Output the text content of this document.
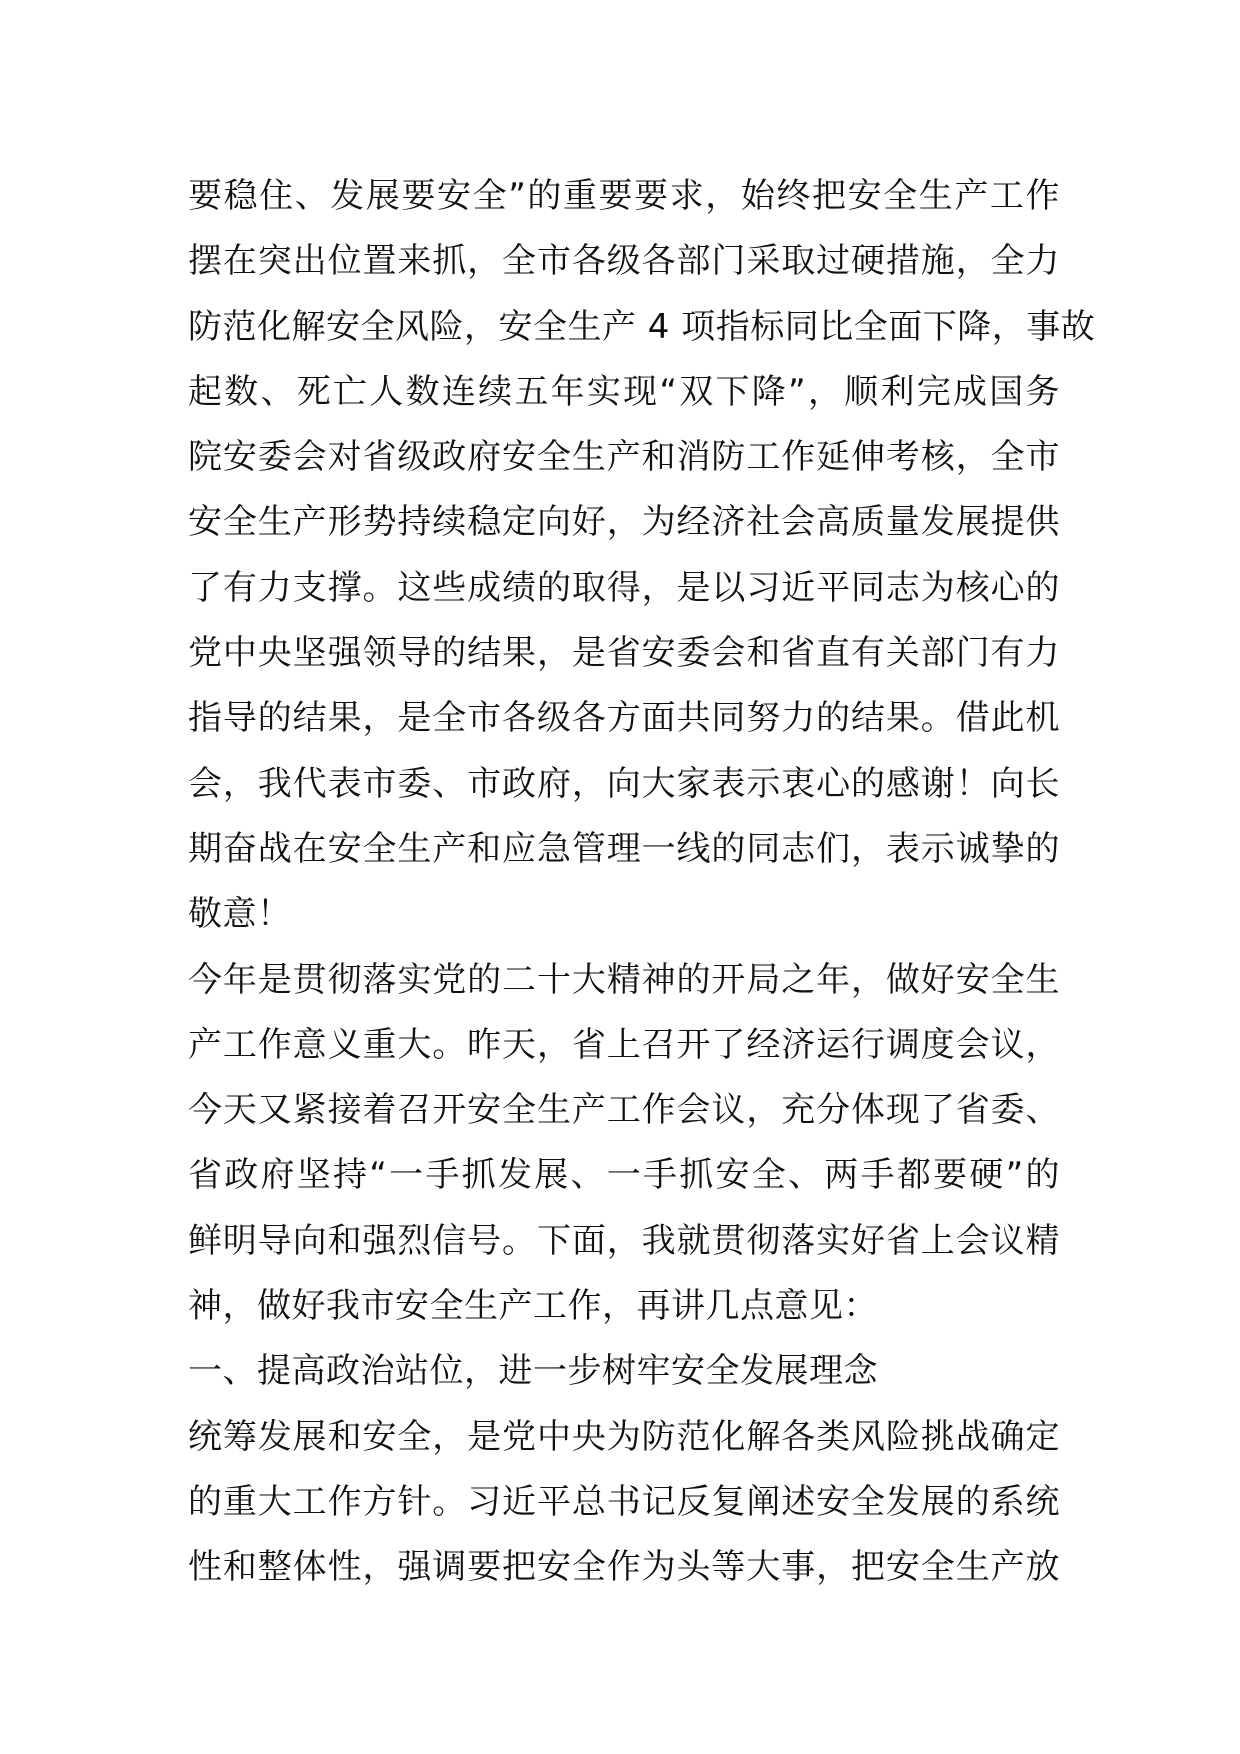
要稳住、发展要安全”的重要要求，始终把安全生产工作
摆在突出位置来抓，全市各级各部门采取过硬措施，全力
防范化解安全风险，安全生产 4 项指标同比全面下降，事故
起数、死亡人数连续五年实现“双下降”，顺利完成国务
院安委会对省级政府安全生产和消防工作延伸考核，全市
安全生产形势持续稳定向好，为经济社会高质量发展提供
了有力支撑。这些成绩的取得，是以习近平同志为核心的
党中央坚强领导的结果，是省安委会和省直有关部门有力
指导的结果，是全市各级各方面共同努力的结果。借此机
会，我代表市委、市政府，向大家表示衷心的感谢！向长
期奋战在安全生产和应急管理一线的同志们，表示诚挚的
敬意！
今年是贯彻落实党的二十大精神的开局之年，做好安全生
产工作意义重大。昨天，省上召开了经济运行调度会议，
今天又紧接着召开安全生产工作会议，充分体现了省委、
省政府坚持“一手抓发展、一手抓安全、两手都要硬”的
鲜明导向和强烈信号。下面，我就贯彻落实好省上会议精
神，做好我市安全生产工作，再讲几点意见：
一、提高政治站位，进一步树牢安全发展理念
统筹发展和安全，是党中央为防范化解各类风险挑战确定
的重大工作方针。习近平总书记反复阐述安全发展的系统
性和整体性，强调要把安全作为头等大事，把安全生产放
